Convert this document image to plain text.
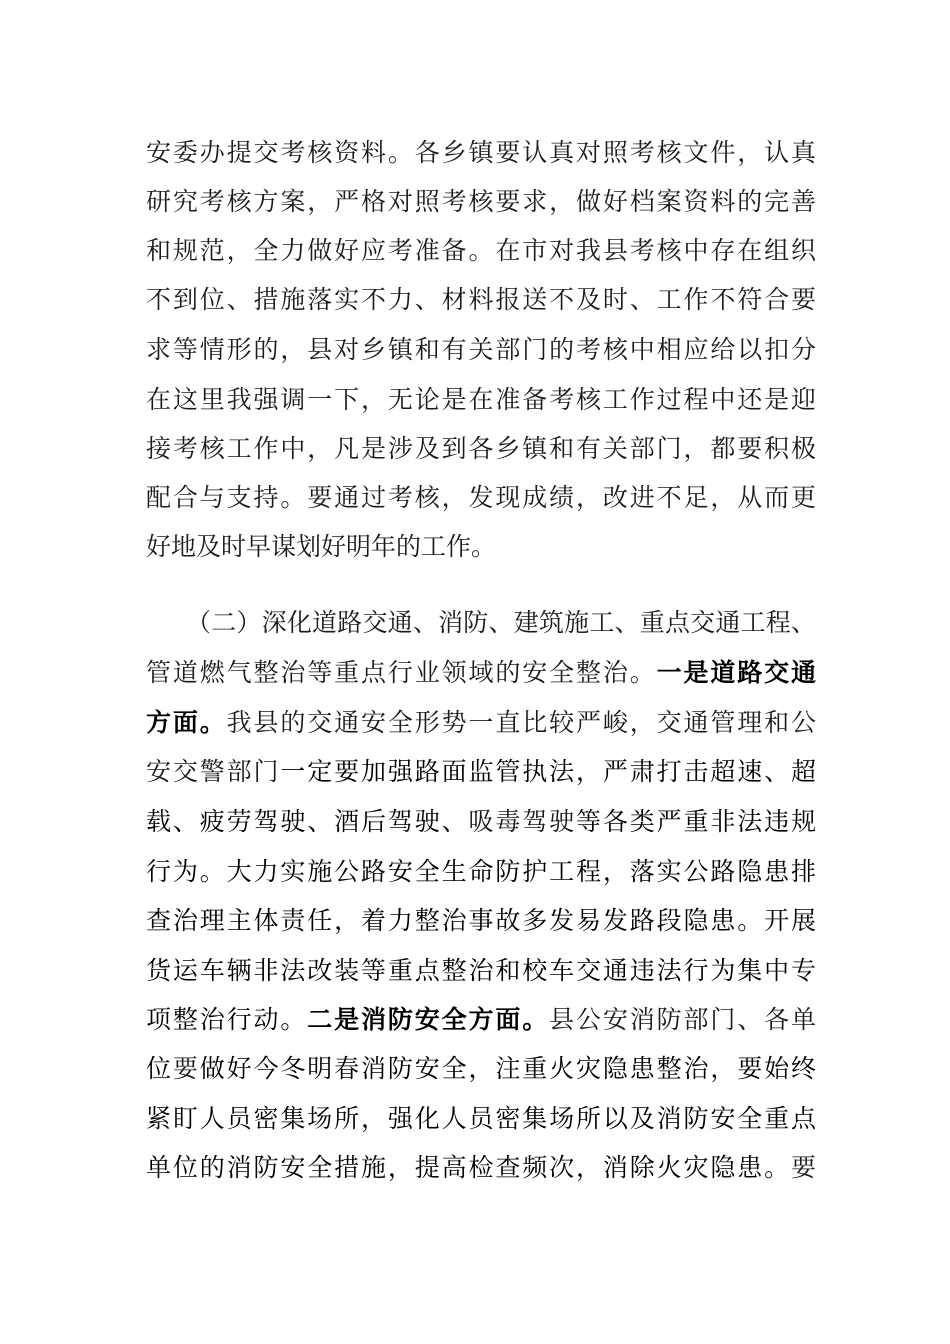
安委办提交考核资料。各乡镇要认真对照考核文件，认真
研究考核方案，严格对照考核要求，做好档案资料的完善
和规范，全力做好应考准备。在市对我县考核中存在组织
不到位、措施落实不力、材料报送不及时、工作不符合要
求等情形的，县对乡镇和有关部门的考核中相应给以扣分
在这里我强调一下，无论是在准备考核工作过程中还是迎
接考核工作中，凡是涉及到各乡镇和有关部门，都要积极
配合与支持。要通过考核，发现成绩，改进不足，从而更
好地及时早谋划好明年的工作。
（二）深化道路交通、消防、建筑施工、重点交通工程、
管道燃气整治等重点行业领域的安全整治。一是道路交通
方面。我县的交通安全形势一直比较严峻，交通管理和公
安交警部门一定要加强路面监管执法，严肃打击超速、超
载、疲劳驾驶、酒后驾驶、吸毒驾驶等各类严重非法违规
行为。大力实施公路安全生命防护工程，落实公路隐患排
查治理主体责任，着力整治事故多发易发路段隐患。开展
货运车辆非法改装等重点整治和校车交通违法行为集中专
项整治行动。二是消防安全方面。县公安消防部门、各单
位要做好今冬明春消防安全，注重火灾隐患整治，要始终
紧盯人员密集场所，强化人员密集场所以及消防安全重点
单位的消防安全措施，提高检查频次，消除火灾隐患。要
